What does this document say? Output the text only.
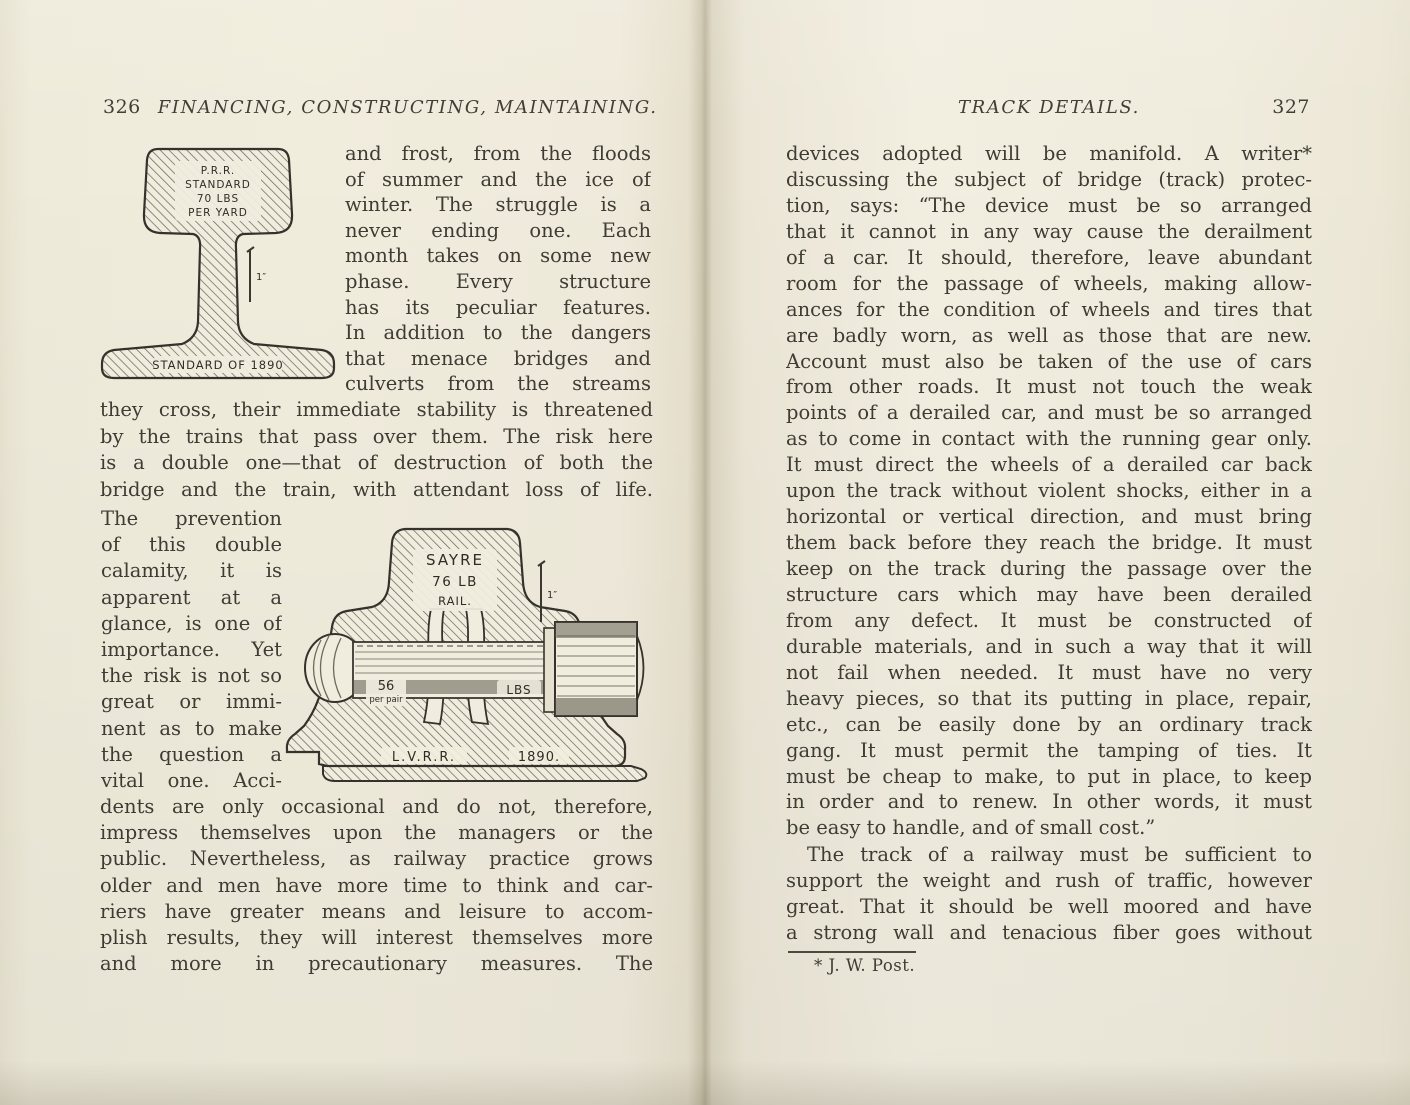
326 FINANCING, CONSTRUCTING, MAINTAINING.
P.R.R.
STANDARD
70 LBS
PER YARD
STANDARD OF 1890
1″
and frost, from the floods
of summer and the ice of
winter. The struggle is a
never ending one. Each
month takes on some new
phase. Every structure
has its peculiar features.
In addition to the dangers
that menace bridges and
culverts from the streams
they cross, their immediate stability is threatened
by the trains that pass over them. The risk here
is a double one—that of destruction of both the
bridge and the train, with attendant loss of life.
The prevention
of this double
calamity, it is
apparent at a
glance, is one of
importance. Yet
the risk is not so
great or immi-
nent as to make
the question a
vital one. Acci-
SAYRE
76 LB
RAIL.
56
per pair
LBS
L.V.R.R.	1890.
1″
dents are only occasional and do not, therefore,
impress themselves upon the managers or the
public. Nevertheless, as railway practice grows
older and men have more time to think and car-
riers have greater means and leisure to accom-
plish results, they will interest themselves more
and more in precautionary measures. The
TRACK DETAILS.	327
devices adopted will be manifold. A writer*
discussing the subject of bridge (track) protec-
tion, says: “The device must be so arranged
that it cannot in any way cause the derailment
of a car. It should, therefore, leave abundant
room for the passage of wheels, making allow-
ances for the condition of wheels and tires that
are badly worn, as well as those that are new.
Account must also be taken of the use of cars
from other roads. It must not touch the weak
points of a derailed car, and must be so arranged
as to come in contact with the running gear only.
It must direct the wheels of a derailed car back
upon the track without violent shocks, either in a
horizontal or vertical direction, and must bring
them back before they reach the bridge. It must
keep on the track during the passage over the
structure cars which may have been derailed
from any defect. It must be constructed of
durable materials, and in such a way that it will
not fail when needed. It must have no very
heavy pieces, so that its putting in place, repair,
etc., can be easily done by an ordinary track
gang. It must permit the tamping of ties. It
must be cheap to make, to put in place, to keep
in order and to renew. In other words, it must
be easy to handle, and of small cost.”
The track of a railway must be sufficient to
support the weight and rush of traffic, however
great. That it should be well moored and have
a strong wall and tenacious fiber goes without
* J. W. Post.
